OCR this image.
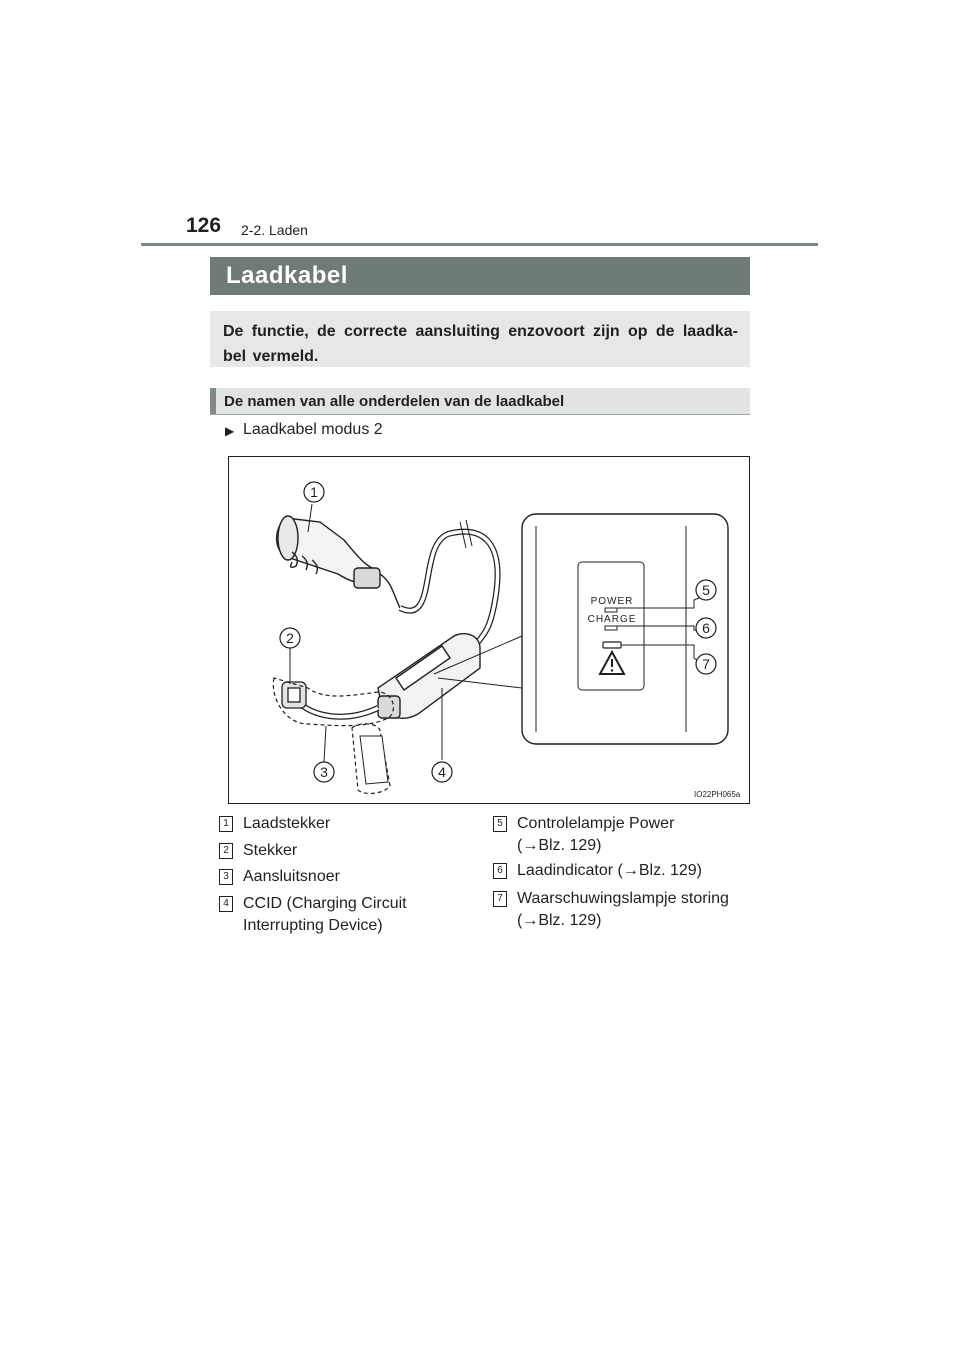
126 2-2. Laden
Laadkabel
De functie, de correcte aansluiting enzovoort zijn op de laadka-bel vermeld.
De namen van alle onderdelen van de laadkabel
▶ Laadkabel modus 2
POWER
CHARGE
1
2
3	4
5
6
7
IO22PH065a
1 Laadstekker
2 Stekker
3 Aansluitsnoer
4 CCID (Charging Circuit
Interrupting Device)
5 Controlelampje Power
(→Blz. 129)
6 Laadindicator (→Blz. 129)
7 Waarschuwingslampje storing
(→Blz. 129)
